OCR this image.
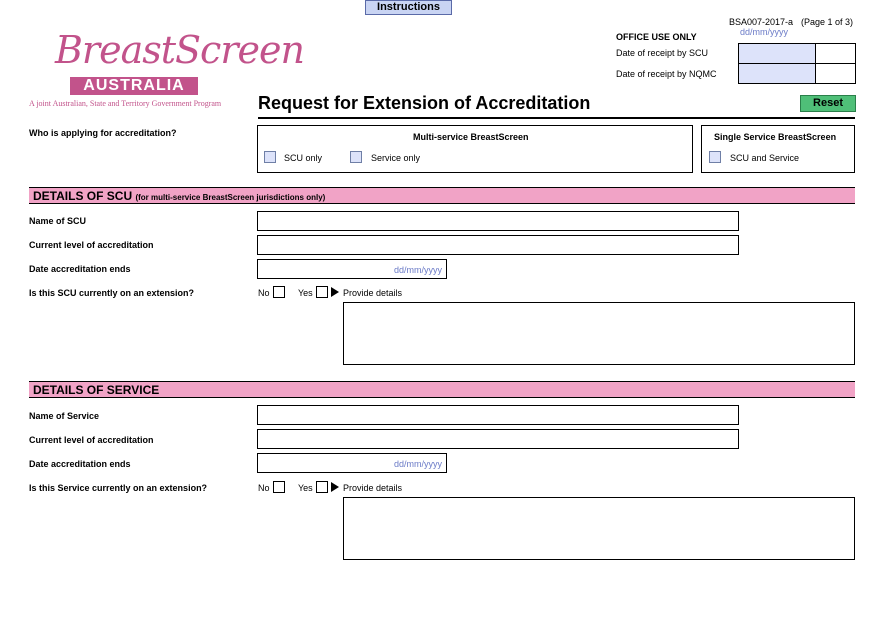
Instructions
BreastScreen
AUSTRALIA
A joint Australian, State and Territory Government Program
BSA007-2017-a (Page 1 of 3)
OFFICE USE ONLY	dd/mm/yyyy
Date of receipt by SCU
Date of receipt by NQMC
Request for Extension of Accreditation	Reset
Who is applying for accreditation?	Multi-service BreastScreen
SCU only	Service only
Single Service BreastScreen
SCU and Service
DETAILS OF SCU (for multi-service BreastScreen jurisdictions only)
Name of SCU
Current level of accreditation
Date accreditation ends	dd/mm/yyyy
Is this SCU currently on an extension?	No	Yes	Provide details
DETAILS OF SERVICE
Name of Service
Current level of accreditation
Date accreditation ends	dd/mm/yyyy
Is this Service currently on an extension?	No	Yes	Provide details
